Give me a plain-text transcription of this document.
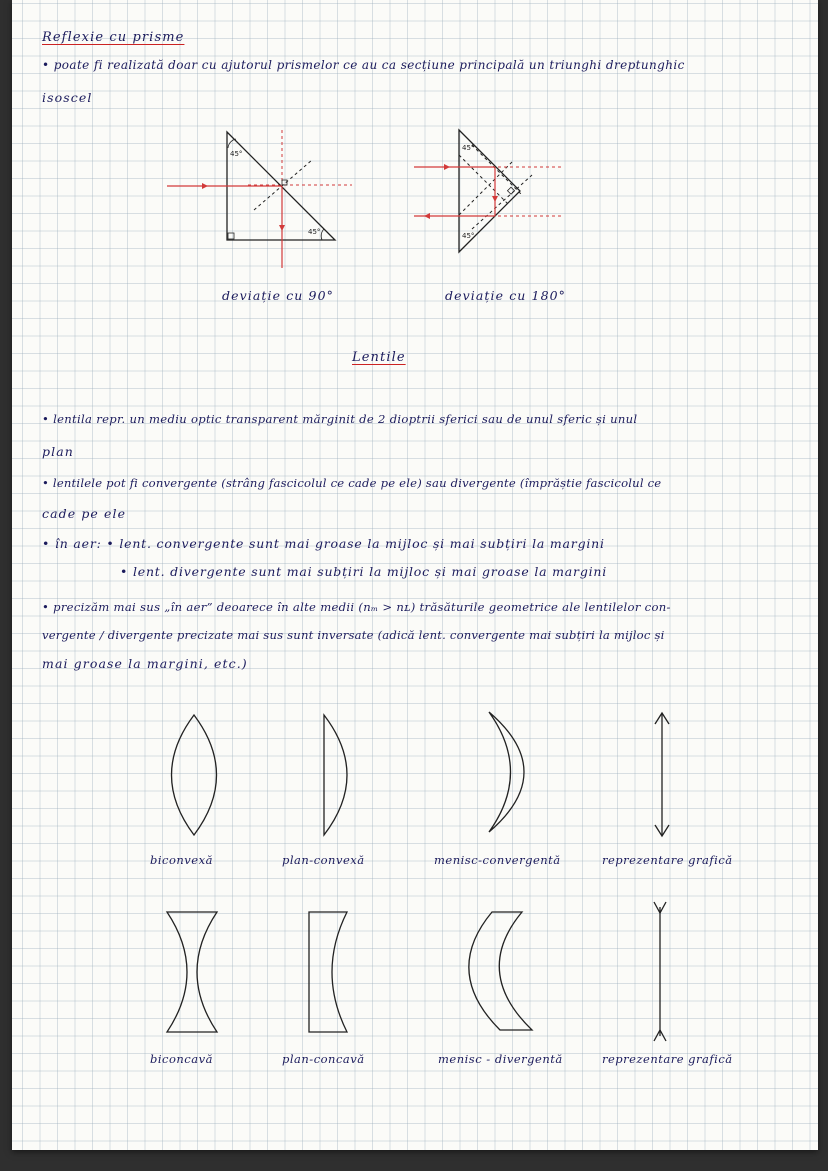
Reflexie cu prisme

• poate fi realizată doar cu ajutorul prismelor ce au ca secțiune principală un triunghi dreptunghic

isoscel

45°
45°
45°
45°

deviație cu 90°	deviație cu 180°

Lentile

• lentila repr. un mediu optic transparent mărginit de 2 dioptrii sferici sau de unul sferic și unul

plan

• lentilele pot fi convergente (strâng fascicolul ce cade pe ele) sau divergente (împrăștie fascicolul ce

cade pe ele

• în aer: • lent. convergente sunt mai groase la mijloc și mai subțiri la margini

• lent. divergente sunt mai subțiri la mijloc și mai groase la margini

• precizăm mai sus „în aer” deoarece în alte medii (nₘ > nʟ) trăsăturile geometrice ale lentilelor con-

vergente / divergente precizate mai sus sunt inversate (adică lent. convergente mai subțiri la mijloc și

mai groase la margini, etc.)

biconvexă	plan-convexă	menisc-convergentă	reprezentare grafică

biconcavă	plan-concavă	menisc - divergentă	reprezentare grafică
